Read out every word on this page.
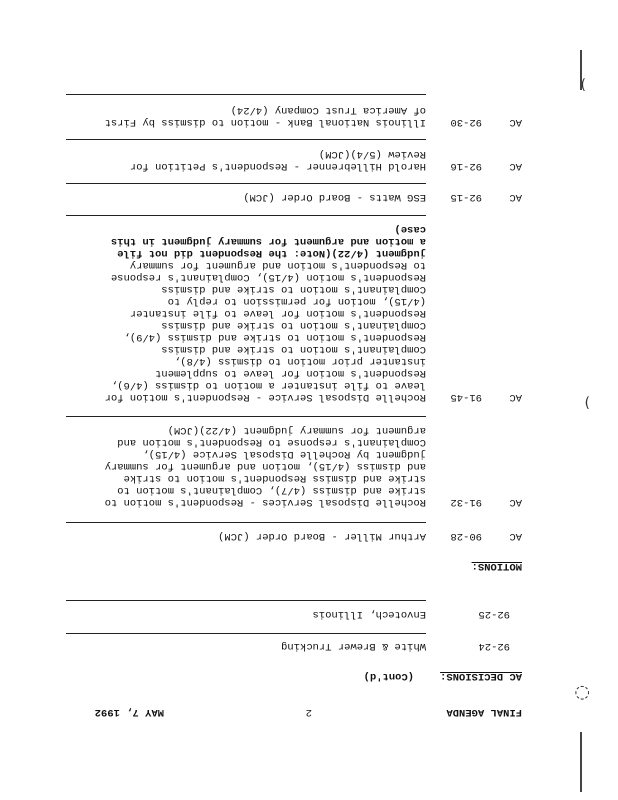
FINAL AGENDA
2
MAY 7, 1992
AC DECISIONS:
(Cont'd)
92-24
White & Brewer Trucking
92-25
Envotech, Illinois
MOTIONS:
AC
90-28
Arthur Miller - Board Order (JCM)
AC
91-32
Rochelle Disposal Services - Respondent's motion to
strike and dismiss (4/7), Complainant's motion to
strike and dismiss Respondent's motion to strike
and dismiss (4/15), motion and argument for summary
judgment by Rochelle Disposal Service (4/15),
Complainant's response to Respondent's motion and
argument for summary judgment (4/22)(JCM)
AC
91-45
Rochelle Disposal Service - Respondent's motion for
leave to file instanter a motion to dismiss (4/6),
Respondent's motion for leave to supplement
instanter prior motion to dismiss (4/8),
Complainant's motion to strike and dismiss
Respondent's motion to strike and dismiss (4/9),
Complainant's motion to strike and dismiss
Respondent's motion for leave to file instanter
(4/15), motion for permission to reply to
Complainant's motion to strike and dismiss
Respondent's motion (4/15), Complainant's response
to Respondent's motion and argument for summary
judgment (4/22)(Note: the Respondent did not file
a motion and argument for summary judgment in this
case)
AC
92-15
ESG Watts - Board Order (JCM)
AC
92-16
Harold Hillebrenner - Respondent's Petition for
Review (5/4)(JCM)
AC
92-30
Illinois National Bank - motion to dismiss by First
of America Trust Company (4/24)
◌
)
)
